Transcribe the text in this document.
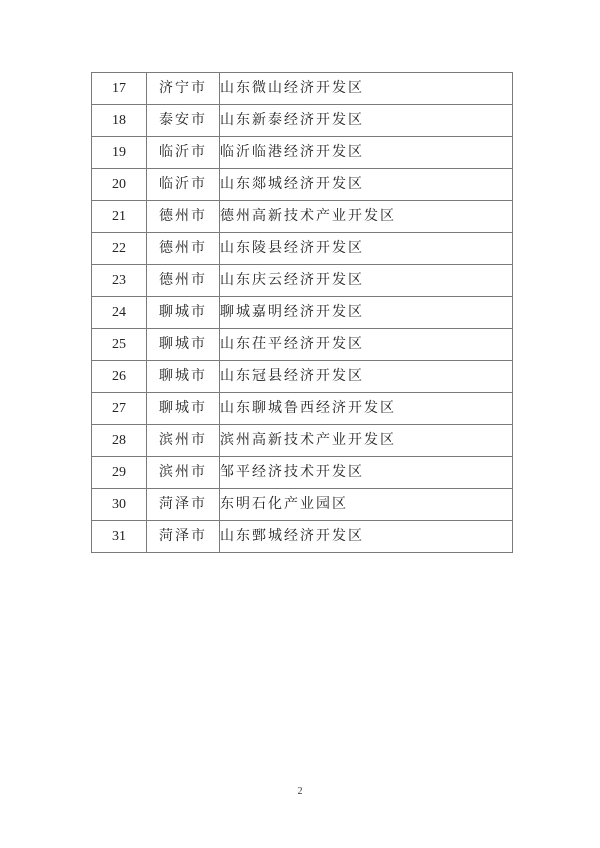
17	济宁市	山东微山经济开发区
18	泰安市	山东新泰经济开发区
19	临沂市	临沂临港经济开发区
20	临沂市	山东郯城经济开发区
21	德州市	德州高新技术产业开发区
22	德州市	山东陵县经济开发区
23	德州市	山东庆云经济开发区
24	聊城市	聊城嘉明经济开发区
25	聊城市	山东茌平经济开发区
26	聊城市	山东冠县经济开发区
27	聊城市	山东聊城鲁西经济开发区
28	滨州市	滨州高新技术产业开发区
29	滨州市	邹平经济技术开发区
30	菏泽市	东明石化产业园区
31	菏泽市	山东鄄城经济开发区
2
